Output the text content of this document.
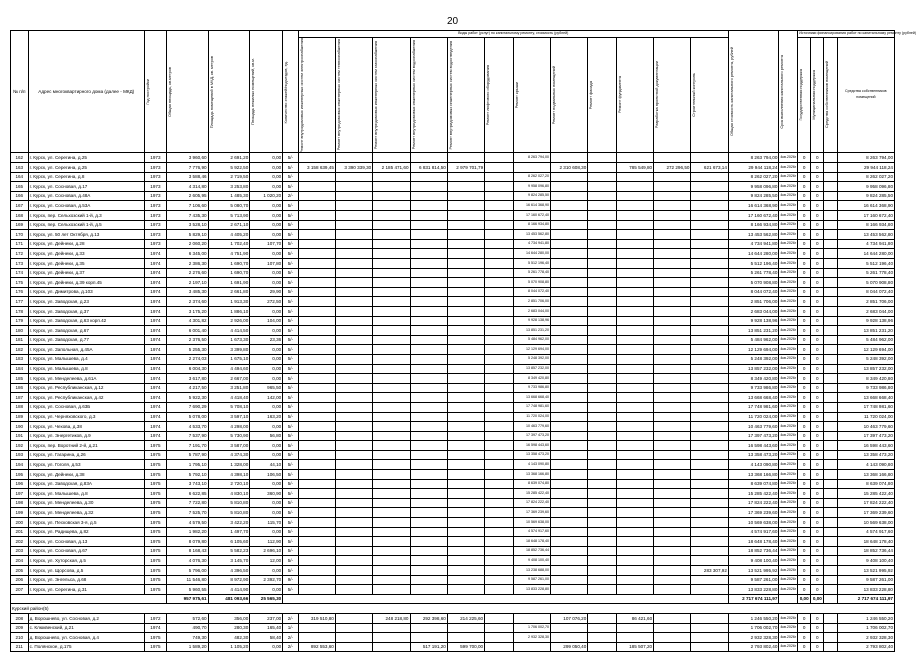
20
№ п/п	Адрес многоквартирного дома (далее - МКД)	Год постройки	Общая площадь, кв.метров	Площадь помещений в МКД, кв. метров	Площадь нежилых помещений, кв.м.	Количество этажей/подъездов, ед.	Виды работ (услуг) по капитальному ремонту, стоимость (рублей)												Общая стоимость капитального ремонта, рублей	Срок выполнения капитального ремонта	Источники финансирования работ по капитальному ремонту (рублей)			

							Ремонт внутридомовых инженерных систем электроснабжения	Ремонт внутридомовых инженерных систем теплоснабжения	Ремонт внутридомовых инженерных систем газоснабжения	Ремонт внутридомовых инженерных систем водоснабжения	Ремонт внутридомовых инженерных систем водоотведения	Ремонт лифтового оборудования	Ремонт крыши	Ремонт подвальных помещений	Ремонт фасада	Ремонт фундамента	Разработка проектной документации	Строительный контроль			Государственная поддержка	Муниципальная поддержка	Средства собственников помещений	Средства собственников помещений
162	г. Курск, ул. Серегина, д.25	1973	3 960,60	2 691,20	0,00	5/-							8 263 794,00						8 263 794,00	4кв.2026г	0	0		8 263 794,00
163	г. Курск, ул. Серегина, д.25	1973	7 776,90	5 922,50	0,00	5/-	3 158 639,45	3 390 339,30	2 185 471,60	6 831 814,50	2 979 701,79			2 310 608,30		785 549,80	272 296,50	621 673,14	29 944 118,24	4кв.2026г	0	0		29 944 118,24
164	г. Курск, ул. Серегина, д.8	1973	3 588,46	2 719,50	0,00	5/-							8 262 027,20						8 262 027,20	4кв.2026г	0	0		8 262 027,20
165	г. Курск, ул. Сосновая, д.17	1973	4 314,80	3 253,80	0,00	5/-							9 958 096,80						9 958 096,80	4кв.2026г	0	0		9 958 096,80
166	г. Курск, ул. Сосновая, д.48А	1973	2 605,95	1 485,30	1 020,20	2/-							9 824 285,50						9 824 285,50	4кв.2026г	0	0		9 824 285,50
167	г. Курск, ул. Сосновая, д.53А	1973	7 106,60	5 080,70	0,00	5/-							16 614 368,90						16 614 368,90	4кв.2026г	0	0		16 614 368,90
168	г. Курск, пер. Сельхозский 1-й, д.3	1973	7 435,30	5 713,90	0,00	5/-							17 160 672,40						17 160 672,40	4кв.2026г	0	0		17 160 672,40
169	г. Курск, пер. Сельхозский 1-й, д.5	1973	3 528,10	2 671,10	0,00	5/-							8 166 934,80						8 166 934,80	4кв.2026г	0	0		8 166 934,80
170	г. Курск, ул. 50 лет Октября, д.13	1973	5 829,10	4 405,20	0,00	5/-							13 453 562,80						13 453 562,80	4кв.2026г	0	0		13 453 562,80
171	г. Курск, ул. Дейнеки, д.28	1973	2 060,20	1 702,40	107,70	5/-							4 734 941,80						4 734 941,80	4кв.2026г	0	0		4 734 941,80
172	г. Курск, ул. Дейнеки, д.33	1974	6 345,00	4 751,90	0,00	5/-							14 644 280,00						14 644 280,00	4кв.2026г	0	0		14 644 280,00
173	г. Курск, ул. Дейнеки, д.35	1974	2 386,30	1 690,70	107,80	5/-							5 512 196,40						5 512 196,40	4кв.2026г	0	0		5 512 196,40
174	г. Курск, ул. Дейнеки, д.37	1974	2 276,60	1 690,70	0,00	5/-							5 261 778,40						5 261 778,40	4кв.2026г	0	0		5 261 778,40
175	г. Курск, ул. Дейнеки, д.39 корп.45	1974	2 197,10	1 691,90	0,00	5/-							5 070 908,80						5 070 908,80	4кв.2026г	0	0		5 070 908,80
176	г. Курск, ул. Димитрова, д.103	1974	3 485,30	2 661,80	29,90	5/-							8 044 072,40						8 044 072,40	4кв.2026г	0	0		8 044 072,40
177	г. Курск, ул. Заводская, д.23	1974	2 374,60	1 913,30	272,50	5/-							2 851 706,00						2 851 706,00	4кв.2026г	0	0		2 851 706,00
178	г. Курск, ул. Заводская, д.37	1974	3 175,20	1 886,10	0,00	5/-							2 683 044,00						2 683 044,00	4кв.2026г	0	0		2 683 044,00
179	г. Курск, ул. Заводская, д.63 корп.42	1974	4 301,82	2 926,00	104,00	5/-							9 928 138,96						9 928 138,96	4кв.2026г	0	0		9 928 138,96
180	г. Курск, ул. Заводская, д.67	1974	6 001,40	4 414,50	0,00	5/-							13 851 231,20						13 851 231,20	4кв.2026г	0	0		13 851 231,20
181	г. Курск, ул. Заводская, д.77	1974	2 376,50	1 673,30	23,36	5/-							5 484 962,00						5 484 962,00	4кв.2026г	0	0		5 484 962,00
182	г. Курск, ул. Запольная, д.45А	1974	5 255,30	3 399,80	0,00	5/-							12 129 694,00						12 129 694,00	4кв.2026г	0	0		12 129 694,00
183	г. Курск, ул. Малышева, д.4	1974	2 274,03	1 675,10	0,00	5/-							5 248 392,00						5 248 392,00	4кв.2026г	0	0		5 248 392,00
184	г. Курск, ул. Малышева, д.8	1974	6 004,30	4 494,60	0,00	5/-							13 857 232,00						13 857 232,00	4кв.2026г	0	0		13 857 232,00
185	г. Курск, ул. Менделеева, д.61А	1974	3 617,80	2 667,00	0,00	5/-							8 349 420,80						8 349 420,80	4кв.2026г	0	0		8 349 420,80
186	г. Курск, ул. Республиканская, д.12	1974	4 217,50	3 251,80	965,50	5/-							9 733 986,80						9 733 986,80	4кв.2026г	0	0		9 733 986,80
187	г. Курск, ул. Республиканская, д.42	1974	5 922,30	4 418,40	142,00	5/-							13 668 668,40						13 668 668,40	4кв.2026г	0	0		13 668 668,40
188	г. Курск, ул. Сосновая, д.63Б	1974	7 690,29	5 708,10	0,00	5/-							17 748 981,60						17 748 981,60	4кв.2026г	0	0		17 748 981,60
189	г. Курск, ул. Черняховского, д.3	1974	5 078,00	3 597,10	163,20	5/-							11 720 024,00						11 720 024,00	4кв.2026г	0	0		11 720 024,00
190	г. Курск, ул. Чехова, д.38	1974	4 533,70	4 298,00	0,00	5/-							10 463 779,60						10 463 779,60	4кв.2026г	0	0		10 463 779,60
191	г. Курск, ул. Энергетиков, д.9	1974	7 537,90	5 730,90	56,80	5/-							17 397 473,20						17 397 473,20	4кв.2026г	0	0		17 397 473,20
192	г. Курск, пер. Воротний 2-й, д.21	1975	7 191,70	3 587,00	0,00	5/-							16 598 443,60						16 598 443,60	4кв.2026г	0	0		16 598 443,60
193	г. Курск, ул. Гагарина, д.26	1975	5 787,90	4 374,30	0,00	5/-							13 358 473,20						13 358 473,20	4кв.2026г	0	0		13 358 473,20
194	г. Курск, ул. Гоголя, д.53	1975	1 795,10	1 328,00	44,10	5/-							4 143 090,80						4 143 090,80	4кв.2026г	0	0		4 143 090,80
195	г. Курск, ул. Дейнеки, д.38	1975	5 792,10	4 398,10	106,50	5/-							13 368 166,80						13 368 166,80	4кв.2026г	0	0		13 368 166,80
196	г. Курск, ул. Заводская, д.83А	1975	3 743,10	2 720,10	0,00	5/-							8 639 074,80						8 639 074,80	4кв.2026г	0	0		8 639 074,80
197	г. Курск, ул. Малышева, д.8	1975	6 622,85	4 830,10	360,90	5/-							15 285 422,40						15 285 422,40	4кв.2026г	0	0		15 285 422,40
198	г. Курск, ул. Менделеева, д.30	1975	7 722,80	5 810,80	0,00	5/-							17 824 222,40						17 824 222,40	4кв.2026г	0	0		17 824 222,40
199	г. Курск, ул. Менделеева, д.32	1975	7 525,70	5 810,80	0,00	5/-							17 369 239,60						17 369 239,60	4кв.2026г	0	0		17 369 239,60
200	г. Курск, ул. Песковская 3-я, д.5	1975	4 579,50	3 422,20	115,70	5/-							10 569 638,00						10 569 638,00	4кв.2026г	0	0		10 569 638,00
201	г. Курск, ул. Радищева, д.82	1975	1 982,20	1 497,70	0,00	5/-							4 574 917,60						4 574 917,60	4кв.2026г	0	0		4 574 917,60
202	г. Курск, ул. Сосновая, д.13	1975	8 079,80	6 105,60	112,90	5/-							18 648 178,40						18 648 178,40	4кв.2026г	0	0		18 648 178,40
203	г. Курск, ул. Сосновая, д.67	1975	8 168,43	5 582,23	2 696,10	5/-							18 852 736,44						18 852 736,44	4кв.2026г	0	0		18 852 736,44
204	г. Курск, ул. Хуторская, д.5	1975	4 076,30	3 145,70	12,00	5/-							9 408 100,40						9 408 100,40	4кв.2026г	0	0		9 408 100,40
205	г. Курск, ул. Щорсова, д.5	1975	5 796,00	4 396,50	0,00	5/-							13 238 688,00					283 307,92	13 521 995,92	4кв.2026г	0	0		13 521 995,92
206	г. Курск, ул. Энгельса, д.68	1975	11 546,80	8 972,90	2 392,70	9/-							9 587 261,00						9 587 261,00	4кв.2026г	0	0		9 587 261,00
207	г. Курск, ул. Серегина, д.31	1975	5 960,55	4 414,90	0,00	5/-							13 833 228,80						13 833 228,80	4кв.2026г	0	0		13 833 228,80
			957 975,61	481 093,66	25 565,30														2 717 674 111,97		0,00	0,00		2 717 674 111,97
Курский район(5)																								
208	д. Ворошнево, ул. Сосновая, д.2	1972	572,60	356,00	237,00	2/-	319 510,80		248 218,80	292 398,60	214 225,60			107 076,20		86 421,60			1 246 550,20	4кв.2026г	0	0		1 246 550,20
209	с. Клюквенский, д.21	1974	490,70	280,30	165,40	1/-							1 706 002,70						1 706 002,70	4кв.2026г	0	0		1 706 002,70
210	д. Ворошнево, ул. Сосновая, д.4	1975	749,30	482,30	58,40	2/-							2 932 328,30						2 932 328,30	4кв.2026г	0	0		2 932 328,30
211	с. Полянское, д.175	1975	1 589,20	1 105,20	0,00	2/-	892 553,60			517 191,20	599 700,00			299 050,40		185 507,20			2 793 802,40	4кв.2026г	0	0		2 793 802,40
